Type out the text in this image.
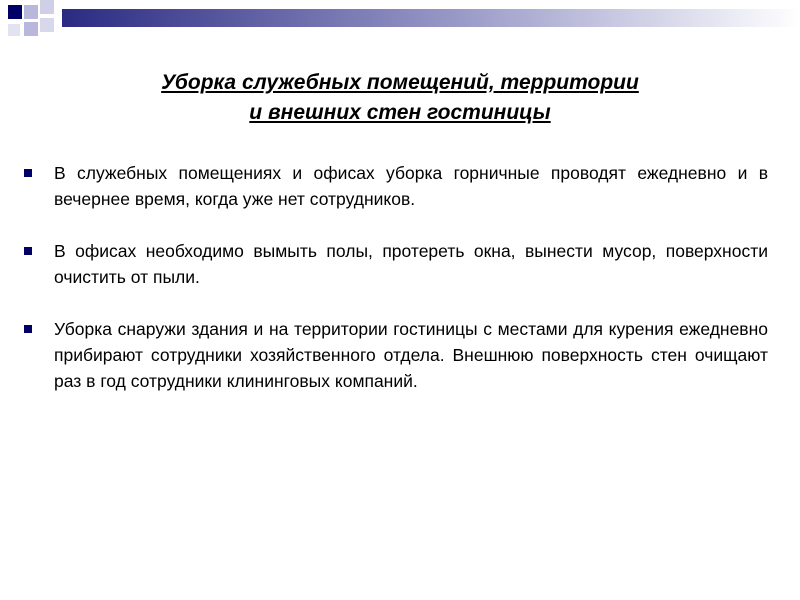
Уборка служебных помещений, территории
и внешних стен гостиницы
В служебных помещениях и офисах уборка горничные проводят ежедневно и в вечернее время, когда уже нет сотрудников.
В офисах необходимо вымыть полы, протереть окна, вынести мусор, поверхности очистить от пыли.
Уборка снаружи здания и на территории гостиницы с местами для курения ежедневно прибирают сотрудники хозяйственного отдела. Внешнюю поверхность стен очищают раз в год сотрудники клининговых компаний.
